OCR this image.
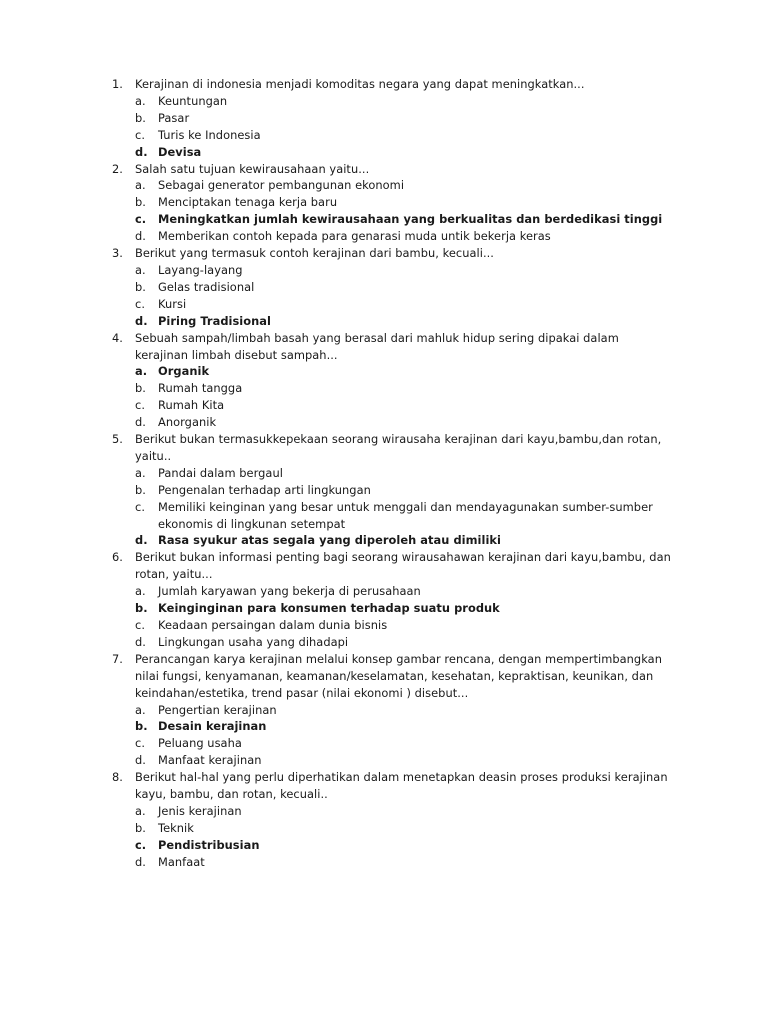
1. Kerajinan di indonesia menjadi komoditas negara yang dapat meningkatkan...
a. Keuntungan
b. Pasar
c. Turis ke Indonesia
d. Devisa
2. Salah satu tujuan kewirausahaan yaitu...
a. Sebagai generator pembangunan ekonomi
b. Menciptakan tenaga kerja baru
c. Meningkatkan jumlah kewirausahaan yang berkualitas dan berdedikasi tinggi
d. Memberikan contoh kepada para genarasi muda untik bekerja keras
3. Berikut yang termasuk contoh kerajinan dari bambu, kecuali...
a. Layang-layang
b. Gelas tradisional
c. Kursi
d. Piring Tradisional
4. Sebuah sampah/limbah basah yang berasal dari mahluk hidup sering dipakai dalam kerajinan limbah disebut sampah...
a. Organik
b. Rumah tangga
c. Rumah Kita
d. Anorganik
5. Berikut bukan termasukkepekaan seorang wirausaha kerajinan dari kayu,bambu,dan rotan, yaitu..
a. Pandai dalam bergaul
b. Pengenalan terhadap arti lingkungan
c. Memiliki keinginan yang besar untuk menggali dan mendayagunakan sumber-sumber ekonomis di lingkunan setempat
d. Rasa syukur atas segala yang diperoleh atau dimiliki
6. Berikut bukan informasi penting bagi seorang wirausahawan kerajinan dari kayu,bambu, dan rotan, yaitu...
a. Jumlah karyawan yang bekerja di perusahaan
b. Keinginginan para konsumen terhadap suatu produk
c. Keadaan persaingan dalam dunia bisnis
d. Lingkungan usaha yang dihadapi
7. Perancangan karya kerajinan melalui konsep gambar rencana, dengan mempertimbangkan nilai fungsi, kenyamanan, keamanan/keselamatan, kesehatan, kepraktisan, keunikan, dan keindahan/estetika, trend pasar (nilai ekonomi ) disebut...
a. Pengertian kerajinan
b. Desain kerajinan
c. Peluang usaha
d. Manfaat kerajinan
8. Berikut hal-hal yang perlu diperhatikan dalam menetapkan deasin proses produksi kerajinan kayu, bambu, dan rotan, kecuali..
a. Jenis kerajinan
b. Teknik
c. Pendistribusian
d. Manfaat
